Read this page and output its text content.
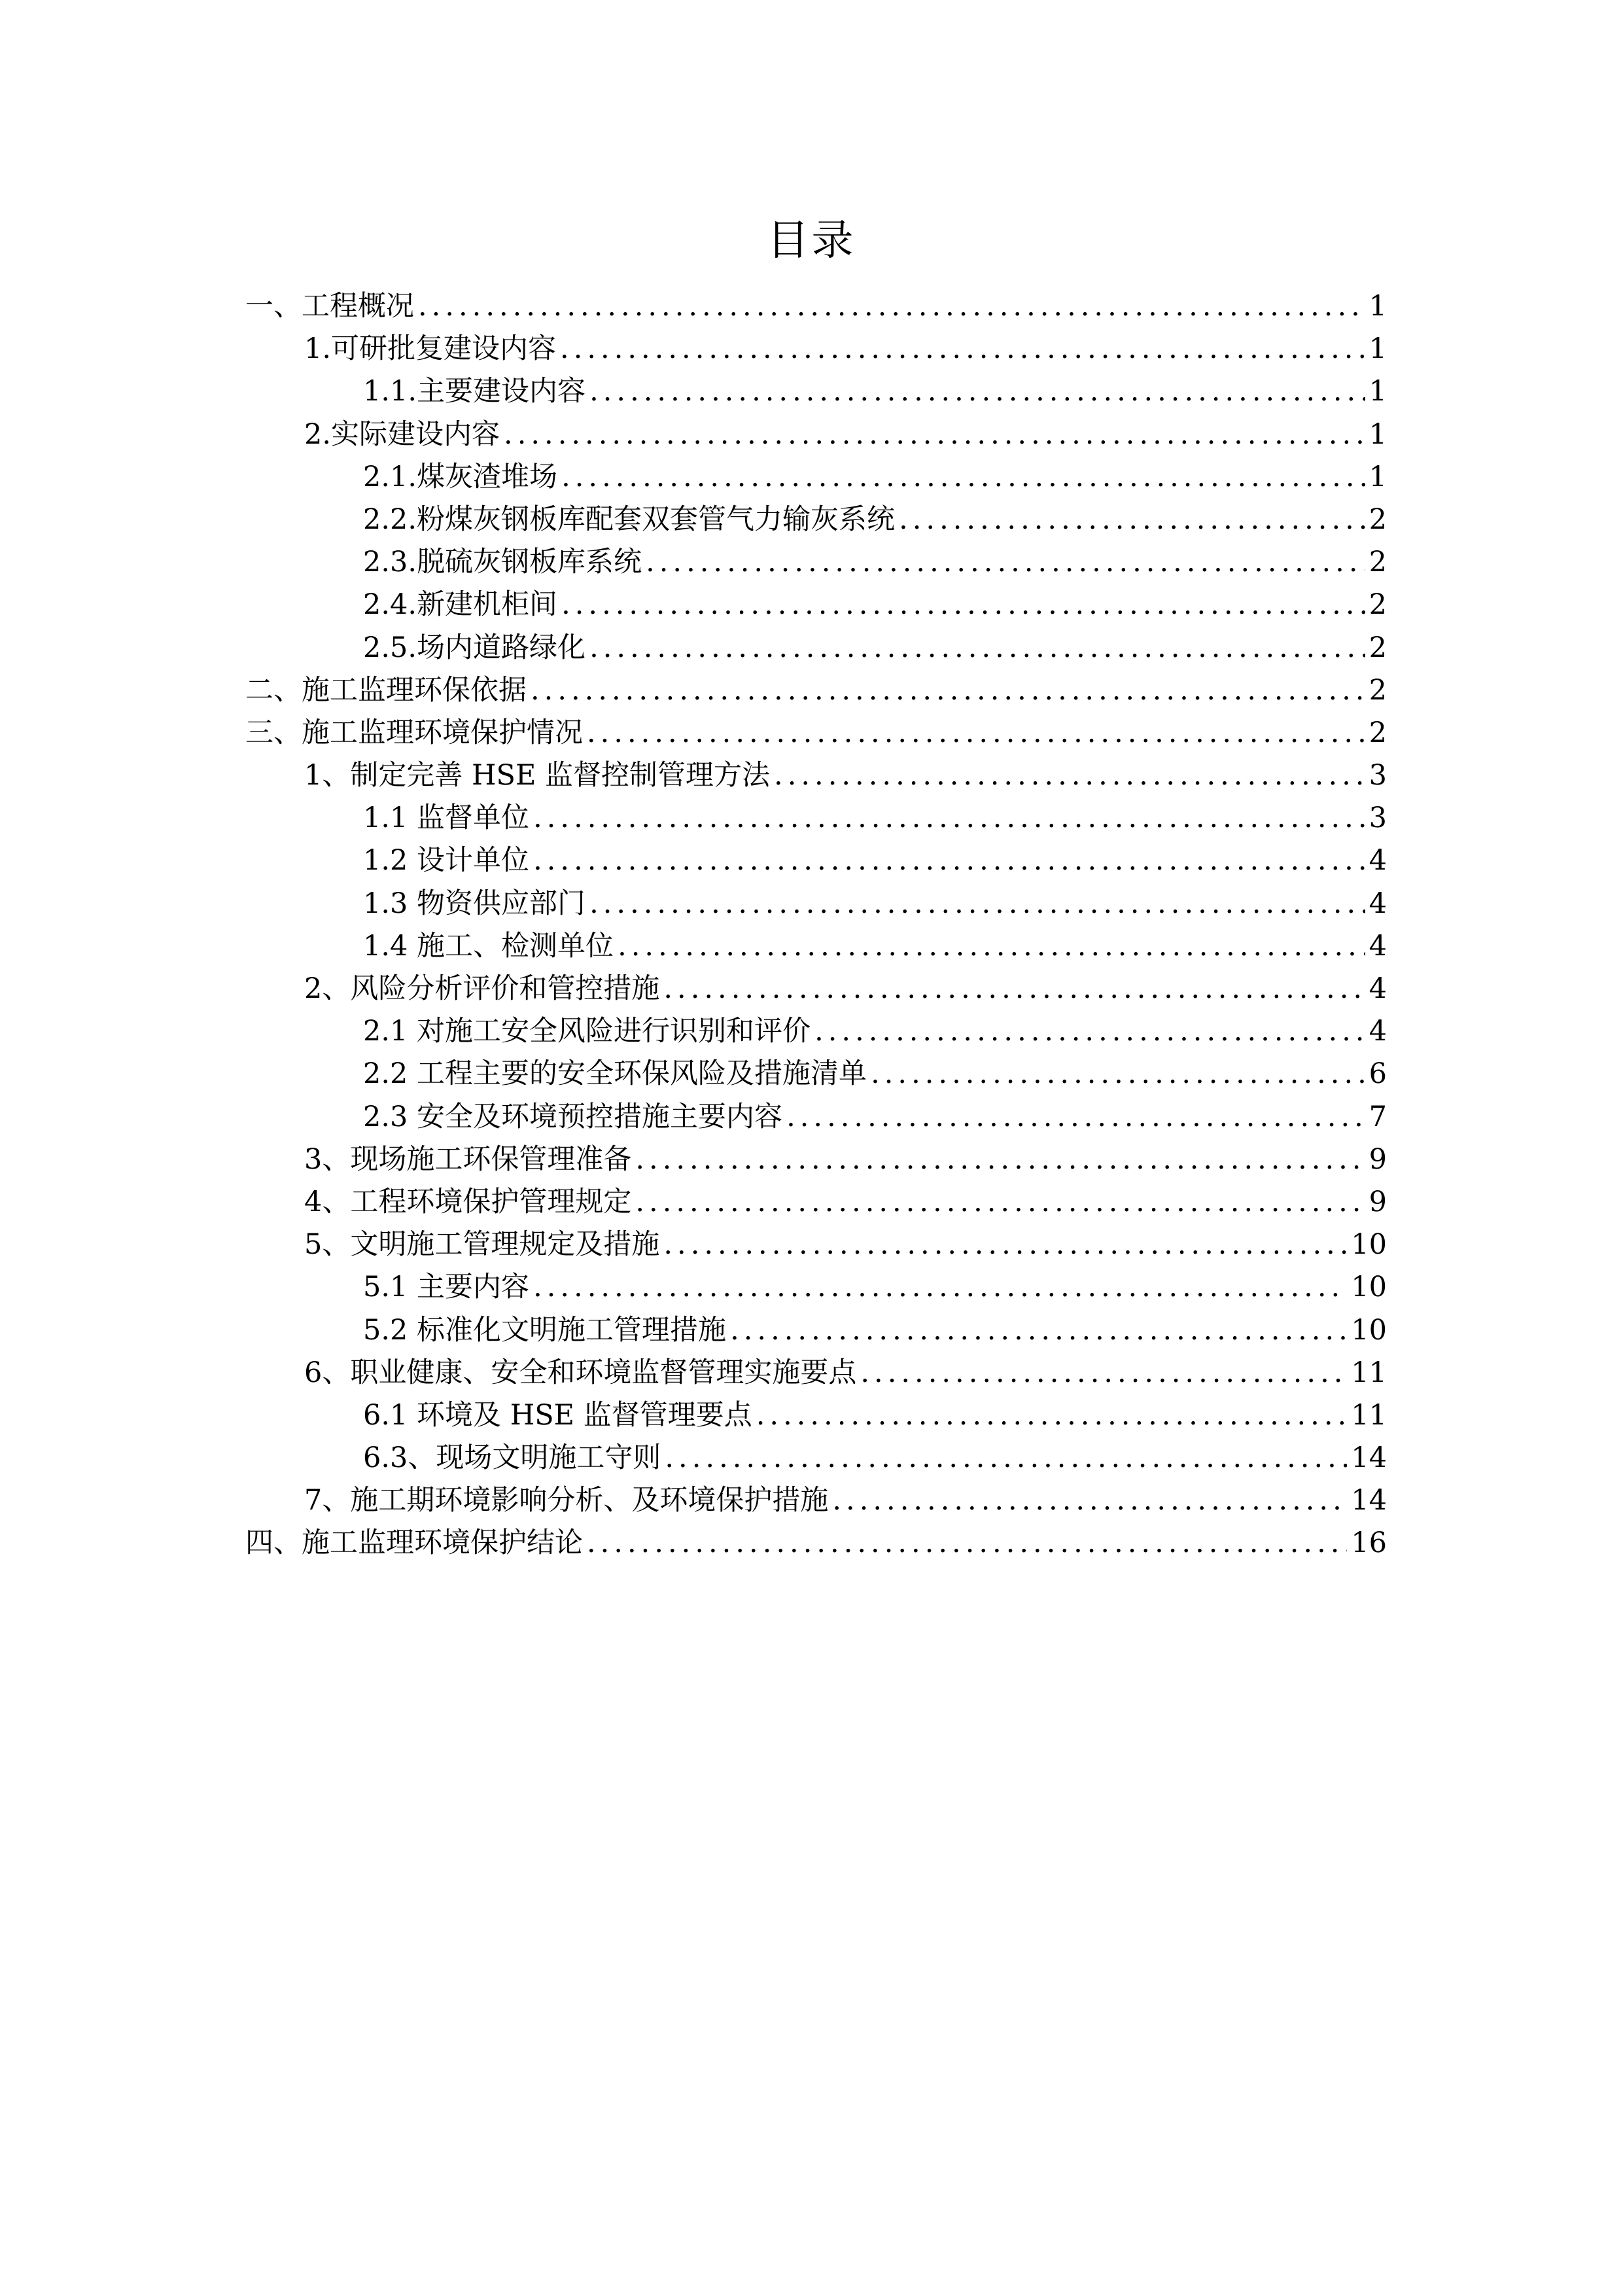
目录
一、 工程概况 .....	1
1. 可研批复建设内容 .....	1
1.1. 主要建设内容 .....	1
2. 实际建设内容 .....	1
2.1. 煤灰渣堆场 .....	1
2.2. 粉煤灰钢板库配套双套管气力输灰系统 .....	2
2.3. 脱硫灰钢板库系统 .....	2
2.4. 新建机柜间 .....	2
2.5. 场内道路绿化 .....	2
二、 施工监理环保依据 .....	2
三、 施工监理环境保护情况 .....	2
1、制定完善 HSE 监督控制管理方法 .....	3
1.1 监督单位 .....	3
1.2 设计单位 .....	4
1.3 物资供应部门 .....	4
1.4 施工、检测单位 .....	4
2、风险分析评价和管控措施 .....	4
2.1 对施工安全风险进行识别和评价 .....	4
2.2 工程主要的安全环保风险及措施清单 .....	6
2.3 安全及环境预控措施主要内容 .....	7
3、现场施工环保管理准备 .....	9
4、工程环境保护管理规定 .....	9
5、文明施工管理规定及措施 .....	10
5.1 主要内容 .....	10
5.2 标准化文明施工管理措施 .....	10
6、职业健康、安全和环境监督管理实施要点 .....	11
6.1 环境及 HSE 监督管理要点 .....	11
6.3、现场文明施工守则 .....	14
7、施工期环境影响分析、及环境保护措施 .....	14
四、施工监理环境保护结论 .....	16
